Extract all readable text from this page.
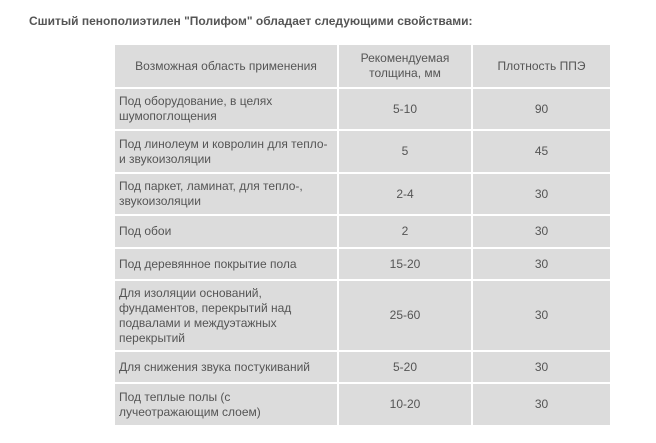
Сшитый пенополиэтилен "Полифом" обладает следующими свойствами:
Возможная область применения	Рекомендуемая толщина, мм	Плотность ППЭ
Под оборудование, в целях шумопоглощения	5-10	90
Под линолеум и ковролин для тепло- и звукоизоляции	5	45
Под паркет, ламинат, для тепло-, звукоизоляции	2-4	30
Под обои	2	30
Под деревянное покрытие пола	15-20	30
Для изоляции оснований, фундаментов, перекрытий над подвалами и междуэтажных перекрытий	25-60	30
Для снижения звука постукиваний	5-20	30
Под теплые полы (с лучеотражающим слоем)	10-20	30
